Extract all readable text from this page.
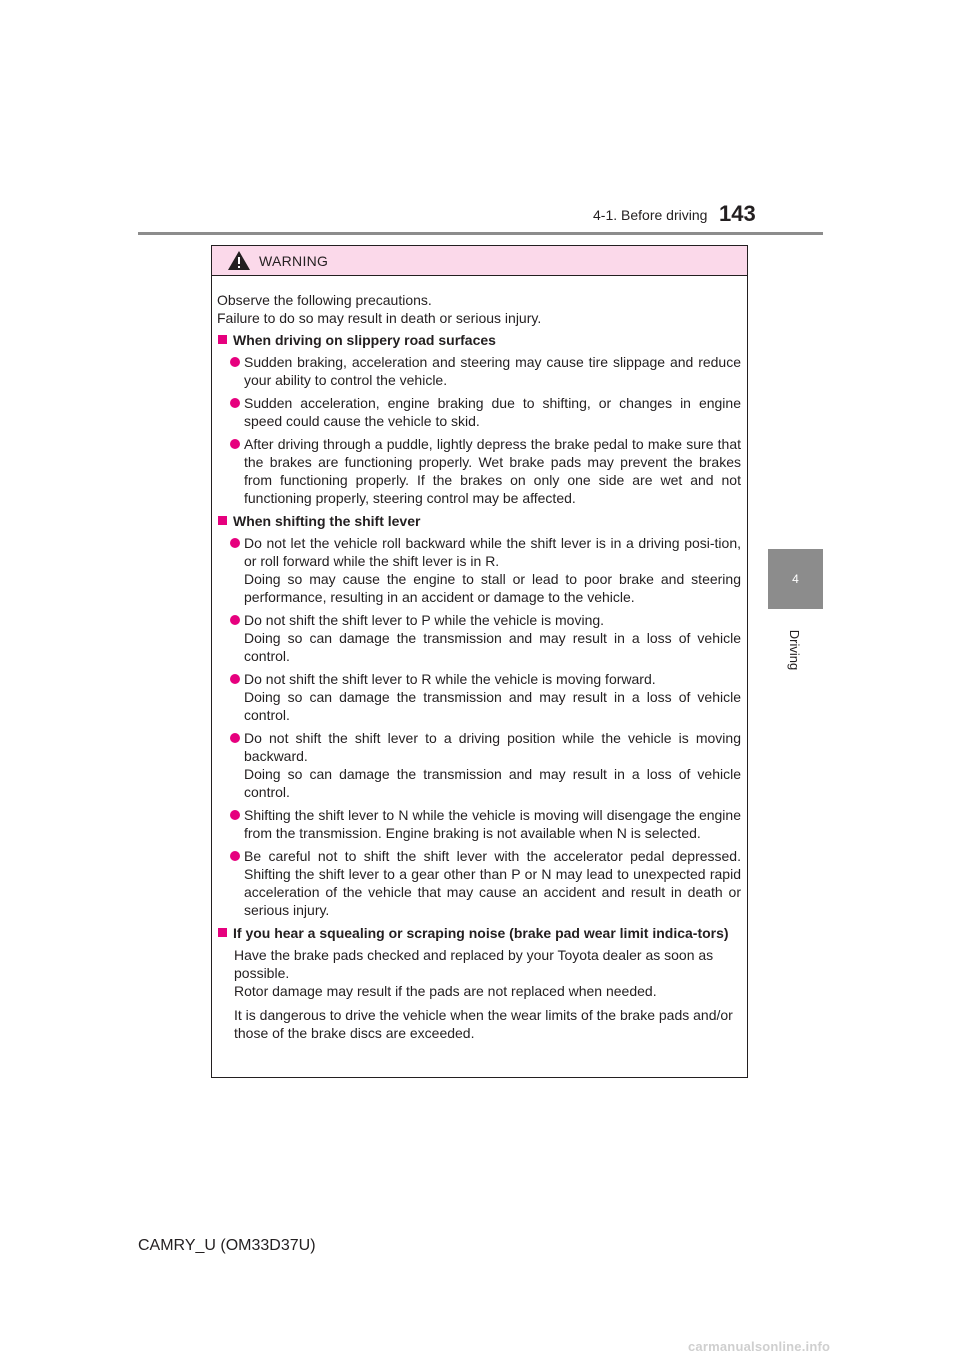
4-1. Before driving 143
4
Driving
WARNING
Observe the following precautions.
Failure to do so may result in death or serious injury.
When driving on slippery road surfaces

Sudden braking, acceleration and steering may cause tire slippage and reduce your ability to control the vehicle.

Sudden acceleration, engine braking due to shifting, or changes in engine speed could cause the vehicle to skid.

After driving through a puddle, lightly depress the brake pedal to make sure that the brakes are functioning properly. Wet brake pads may prevent the brakes from functioning properly. If the brakes on only one side are wet and not functioning properly, steering control may be affected.

When shifting the shift lever

Do not let the vehicle roll backward while the shift lever is in a driving posi-tion, or roll forward while the shift lever is in R.

Doing so may cause the engine to stall or lead to poor brake and steering performance, resulting in an accident or damage to the vehicle.

Do not shift the shift lever to P while the vehicle is moving.

Doing so can damage the transmission and may result in a loss of vehicle control.

Do not shift the shift lever to R while the vehicle is moving forward.

Doing so can damage the transmission and may result in a loss of vehicle control.

Do not shift the shift lever to a driving position while the vehicle is moving backward.

Doing so can damage the transmission and may result in a loss of vehicle control.

Shifting the shift lever to N while the vehicle is moving will disengage the engine from the transmission. Engine braking is not available when N is selected.

Be careful not to shift the shift lever with the accelerator pedal depressed. Shifting the shift lever to a gear other than P or N may lead to unexpected rapid acceleration of the vehicle that may cause an accident and result in death or serious injury.

If you hear a squealing or scraping noise (brake pad wear limit indica-tors)

Have the brake pads checked and replaced by your Toyota dealer as soon as possible.

Rotor damage may result if the pads are not replaced when needed.

It is dangerous to drive the vehicle when the wear limits of the brake pads and/or those of the brake discs are exceeded.

CAMRY_U (OM33D37U)
carmanualsonline.info
